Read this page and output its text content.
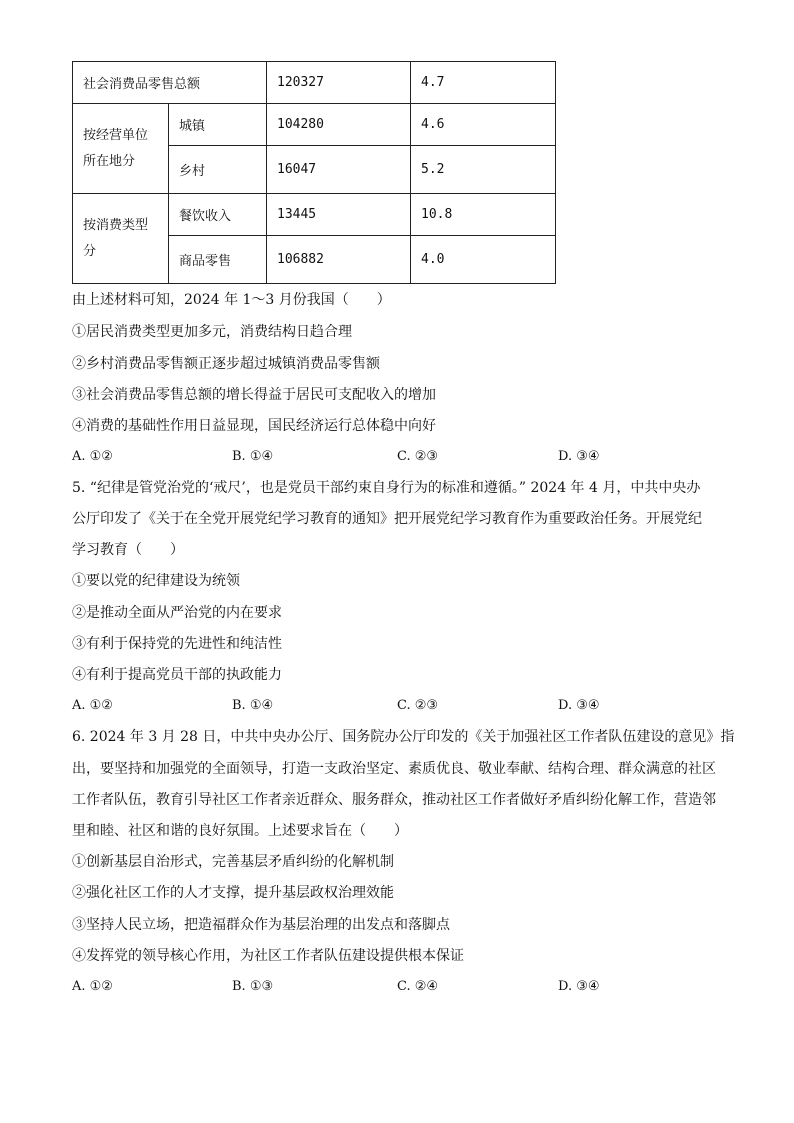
社会消费品零售总额		120327	4.7
按经营单位
所在地分	城镇	104280	4.6
	乡村	16047	5.2
按消费类型
分	餐饮收入	13445	10.8
	商品零售	106882	4.0
由上述材料可知，2024 年 1～3 月份我国（　　）
①居民消费类型更加多元，消费结构日趋合理
②乡村消费品零售额正逐步超过城镇消费品零售额
③社会消费品零售总额的增长得益于居民可支配收入的增加
④消费的基础性作用日益显现，国民经济运行总体稳中向好
A. ①②	B. ①④	C. ②③	D. ③④
5. “纪律是管党治党的‘戒尺’，也是党员干部约束自身行为的标准和遵循。” 2024 年 4 月，中共中央办
公厅印发了《关于在全党开展党纪学习教育的通知》把开展党纪学习教育作为重要政治任务。开展党纪
学习教育（　　）
①要以党的纪律建设为统领
②是推动全面从严治党的内在要求
③有利于保持党的先进性和纯洁性
④有利于提高党员干部的执政能力
A. ①②	B. ①④	C. ②③	D. ③④
6. 2024 年 3 月 28 日，中共中央办公厅、国务院办公厅印发的《关于加强社区工作者队伍建设的意见》指
出，要坚持和加强党的全面领导，打造一支政治坚定、素质优良、敬业奉献、结构合理、群众满意的社区
工作者队伍，教育引导社区工作者亲近群众、服务群众，推动社区工作者做好矛盾纠纷化解工作，营造邻
里和睦、社区和谐的良好氛围。上述要求旨在（　　）
①创新基层自治形式，完善基层矛盾纠纷的化解机制
②强化社区工作的人才支撑，提升基层政权治理效能
③坚持人民立场，把造福群众作为基层治理的出发点和落脚点
④发挥党的领导核心作用，为社区工作者队伍建设提供根本保证
A. ①②	B. ①③	C. ②④	D. ③④
